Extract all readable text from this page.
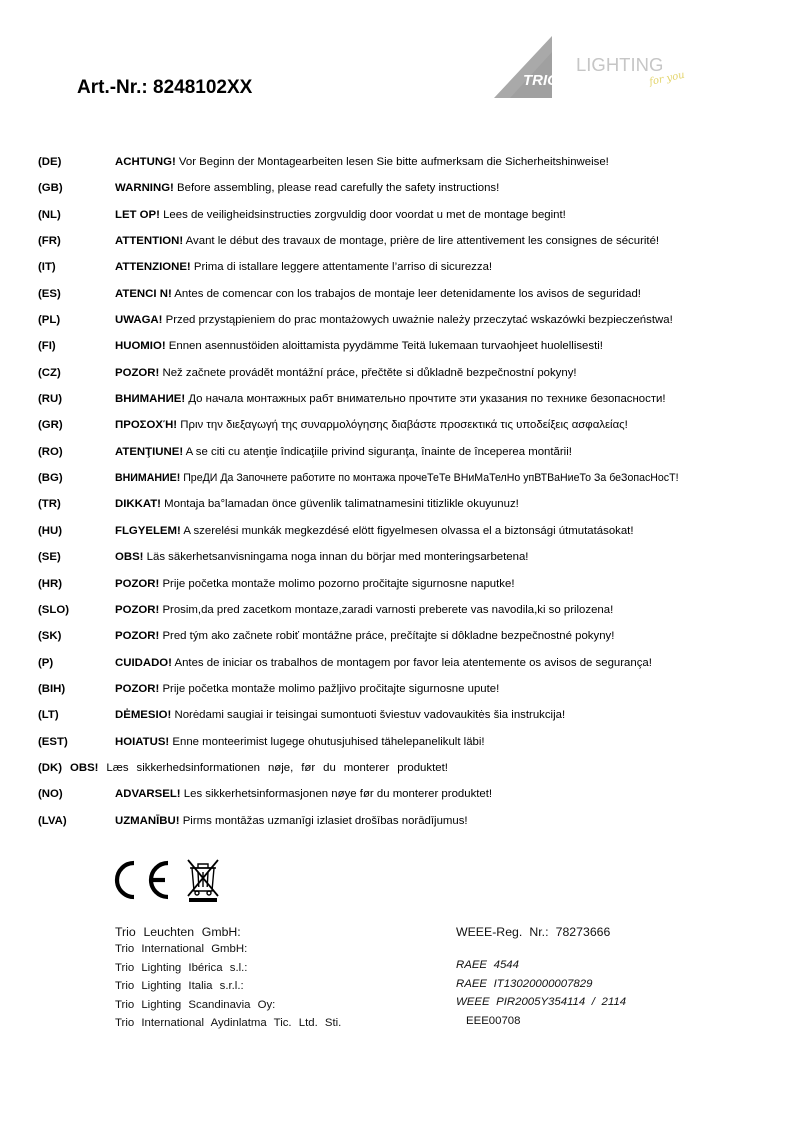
Art.-Nr.: 8248102XX	TRIO
LIGHTING
for you
(DE)	ACHTUNG! Vor Beginn der Montagearbeiten lesen Sie bitte aufmerksam die Sicherheitshinweise!
(GB)	WARNING! Before assembling, please read carefully the safety instructions!
(NL)	LET OP! Lees de veiligheidsinstructies zorgvuldig door voordat u met de montage begint!
(FR)	ATTENTION! Avant le début des travaux de montage, prière de lire attentivement les consignes de sécurité!
(IT)	ATTENZIONE! Prima di istallare leggere attentamente l’arriso di sicurezza!
(ES)	ATENCI N! Antes de comencar con los trabajos de montaje leer detenidamente los avisos de seguridad!
(PL)	UWAGA! Przed przystąpieniem do prac montażowych uważnie należy przeczytać wskazówki bezpieczeństwa!
(FI)	HUOMIO! Ennen asennustöiden aloittamista pyydämme Teitä lukemaan turvaohjeet huolellisesti!
(CZ)	POZOR! Než začnete provádět montážní práce, přečtěte si důkladně bezpečnostní pokyny!
(RU)	ВНИМАНИЕ! До начала монтажных рабт внимательно прочтите эти указания по технике безопасности!
(GR)	ΠΡΟΣΟΧΉ! Πριν την διεξαγωγή της συναρμολόγησης διαβάστε προσεκτικά τις υποδείξεις ασφαλείας!
(RO)	ATENŢIUNE! A se citi cu atenţie îndicaţiile privind siguranţa, înainte de începerea montării!
(BG)	ВНИМАНИЕ! ПреДИ Да Започнете работите по монтажа прочеТеТе ВНиМаТелНо упВТВаНиеТо За беЗопасНосТ!
(TR)	DIKKAT! Montaja ba°lamadan önce güvenlik talimatnamesini titizlikle okuyunuz!
(HU)	FLGYELEM! A szerelési munkák megkezdésé elött figyelmesen olvassa el a biztonsági útmutatásokat!
(SE)	OBS! Läs säkerhetsanvisningama noga innan du börjar med monteringsarbetena!
(HR)	POZOR! Prije početka montaže molimo pozorno pročitajte sigurnosne naputke!
(SLO)	POZOR! Prosim,da pred zacetkom montaze,zaradi varnosti preberete vas navodila,ki so prilozena!
(SK)	POZOR! Pred tým ako začnete robiť montážne práce, prečítajte si dôkladne bezpečnostné pokyny!
(P)	CUIDADO! Antes de iniciar os trabalhos de montagem por favor leia atentemente os avisos de segurança!
(BIH)	POZOR! Prije početka montaže molimo pažljivo pročitajte sigurnosne upute!
(LT)	DĖMESIO! Norėdami saugiai ir teisingai sumontuoti šviestuv vadovaukitės šia instrukcija!
(EST)	HOIATUS! Enne monteerimist lugege ohutusjuhised tähelepanelikult läbi!
(DK) OBS! Læs sikkerhedsinformationen nøje, før du monterer produktet!
(NO)	ADVARSEL! Les sikkerhetsinformasjonen nøye før du monterer produktet!
(LVA)	UZMANĪBU! Pirms montāžas uzmanīgi izlasiet drošības norādījumus!
Trio Leuchten GmbH:
Trio International GmbH:
Trio Lighting Ibérica s.l.:
Trio Lighting Italia s.r.l.:
Trio Lighting Scandinavia Oy:
Trio International Aydinlatma Tic. Ltd. Sti.
WEEE-Reg. Nr.: 78273666
RAEE 4544
RAEE IT13020000007829
WEEE PIR2005Y354114 / 2114
EEE00708
